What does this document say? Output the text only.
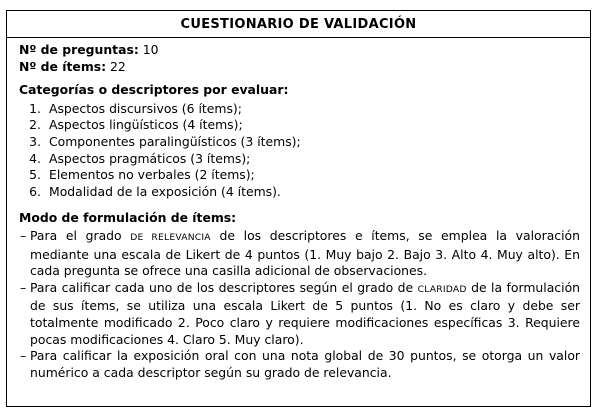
CUESTIONARIO DE VALIDACIÓN
Nº de preguntas: 10
Nº de ítems: 22
Categorías o descriptores por evaluar:
1. Aspectos discursivos (6 ítems);
2. Aspectos lingüísticos (4 ítems);
3. Componentes paralingüísticos (3 ítems);
4. Aspectos pragmáticos (3 ítems);
5. Elementos no verbales (2 ítems);
6. Modalidad de la exposición (4 ítems).
Modo de formulación de ítems:
– Para el grado DE RELEVANCIA de los descriptores e ítems, se emplea la valoración mediante una escala de Likert de 4 puntos (1. Muy bajo 2. Bajo 3. Alto 4. Muy alto). En cada pregunta se ofrece una casilla adicional de observaciones.
– Para calificar cada uno de los descriptores según el grado de CLARIDAD de la formulación de sus ítems, se utiliza una escala Likert de 5 puntos (1. No es claro y debe ser totalmente modificado 2. Poco claro y requiere modificaciones específicas 3. Requiere pocas modificaciones 4. Claro 5. Muy claro).
– Para calificar la exposición oral con una nota global de 30 puntos, se otorga un valor numérico a cada descriptor según su grado de relevancia.
